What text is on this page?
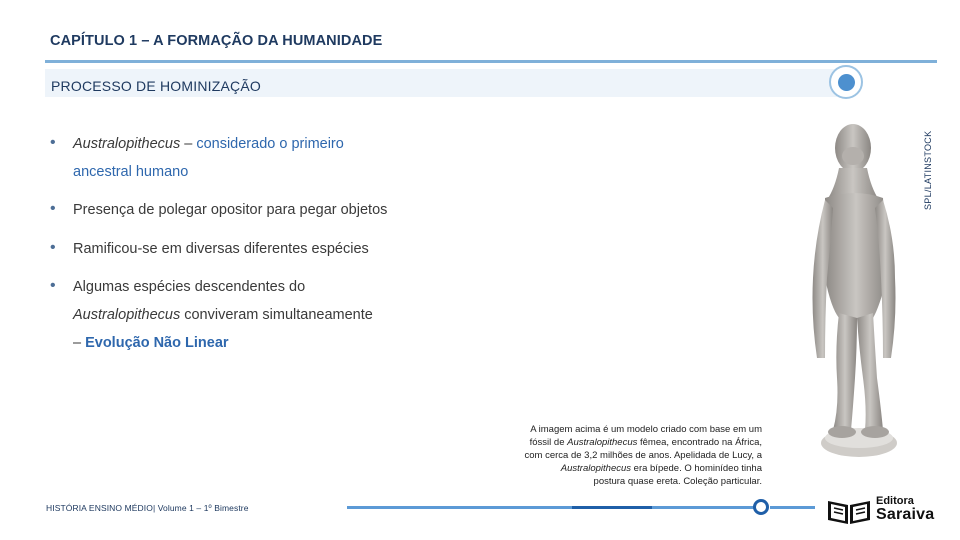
CAPÍTULO 1 – A FORMAÇÃO DA HUMANIDADE
PROCESSO DE HOMINIZAÇÃO
SPL/LATINSTOCK
• Australopithecus – considerado o primeiro
ancestral humano
• Presença de polegar opositor para pegar objetos
• Ramificou-se em diversas diferentes espécies
• Algumas espécies descendentes do
Australopithecus conviveram simultaneamente
– Evolução Não Linear
A imagem acima é um modelo criado com base em um
fóssil de Australopithecus fêmea, encontrado na África,
com cerca de 3,2 milhões de anos. Apelidada de Lucy, a
Australopithecus era bípede. O hominídeo tinha
postura quase ereta. Coleção particular.
HISTÓRIA ENSINO MÉDIO| Volume 1 – 1º Bimestre
Editora
Saraiva
